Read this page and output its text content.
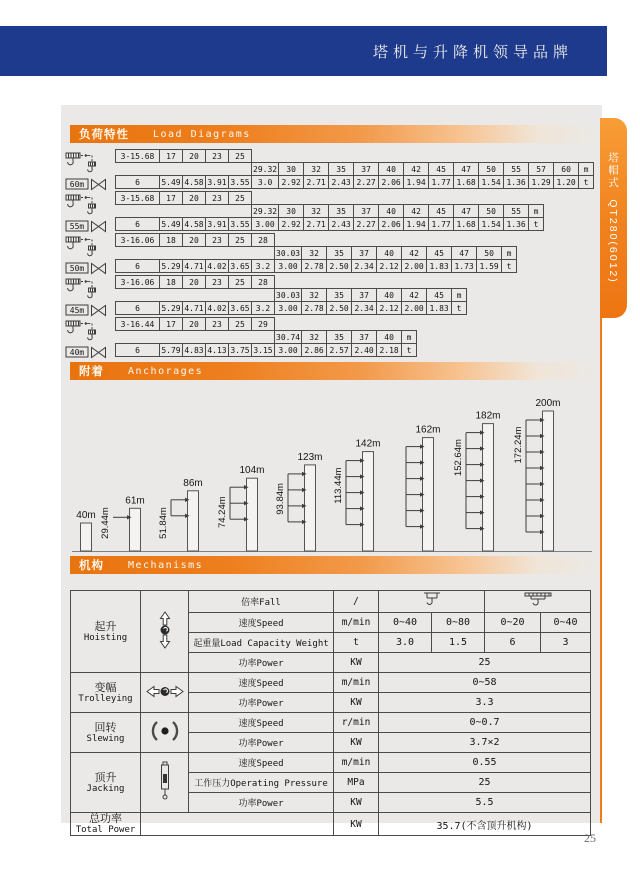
塔机与升降机领导品牌
负荷特性 Load Diagrams
60m
3-15.68	17	20	23	25														
					29.32	30	32	35	37	40	42	45	47	50	55	57	60	m
6	5.49	4.58	3.91	3.55	3.0	2.92	2.71	2.43	2.27	2.06	1.94	1.77	1.68	1.54	1.36	1.29	1.20	t
55m
3-15.68	17	20	23	25												
					29.32	30	32	35	37	40	42	45	47	50	55	m
6	5.49	4.58	3.91	3.55	3.00	2.92	2.71	2.43	2.27	2.06	1.94	1.77	1.68	1.54	1.36	t
50m
3-16.06	18	20	23	25	28										
						30.03	32	35	37	40	42	45	47	50	m
6	5.29	4.71	4.02	3.65	3.2	3.00	2.78	2.50	2.34	2.12	2.00	1.83	1.73	1.59	t
45m
3-16.06	18	20	23	25	28								
						30.03	32	35	37	40	42	45	m
6	5.29	4.71	4.02	3.65	3.2	3.00	2.78	2.50	2.34	2.12	2.00	1.83	t
40m
3-16.44	17	20	23	25	29						
						30.74	32	35	37	40	m
6	5.79	4.83	4.13	3.75	3.15	3.00	2.86	2.57	2.40	2.18	t
附着 Anchorages
40m
61m
29.44m
86m
51.84m
104m
74.24m
123m
93.84m
142m
113.44m
162m
182m
152.64m
200m
172.24m
机构 Mechanisms
起升
Hoisting		倍率Fall	/		
		速度Speed	m/min	0~40	0~80	0~20	0~40
		起重量Load Capacity Weight	t	3.0	1.5	6	3
		功率Power	KW	25			

变幅
Trolleying		速度Speed	m/min	0~58			
		功率Power	KW	3.3			

回转
Slewing		速度Speed	r/min	0~0.7			
		功率Power	KW	3.7×2			

顶升
Jacking		速度Speed	m/min	0.55			
		工作压力Operating Pressure	MPa	25			
		功率Power	KW	5.5			

总功率
Total Power			KW	35.7(不含顶升机构)			
塔帽式  QT280(6012)
25
